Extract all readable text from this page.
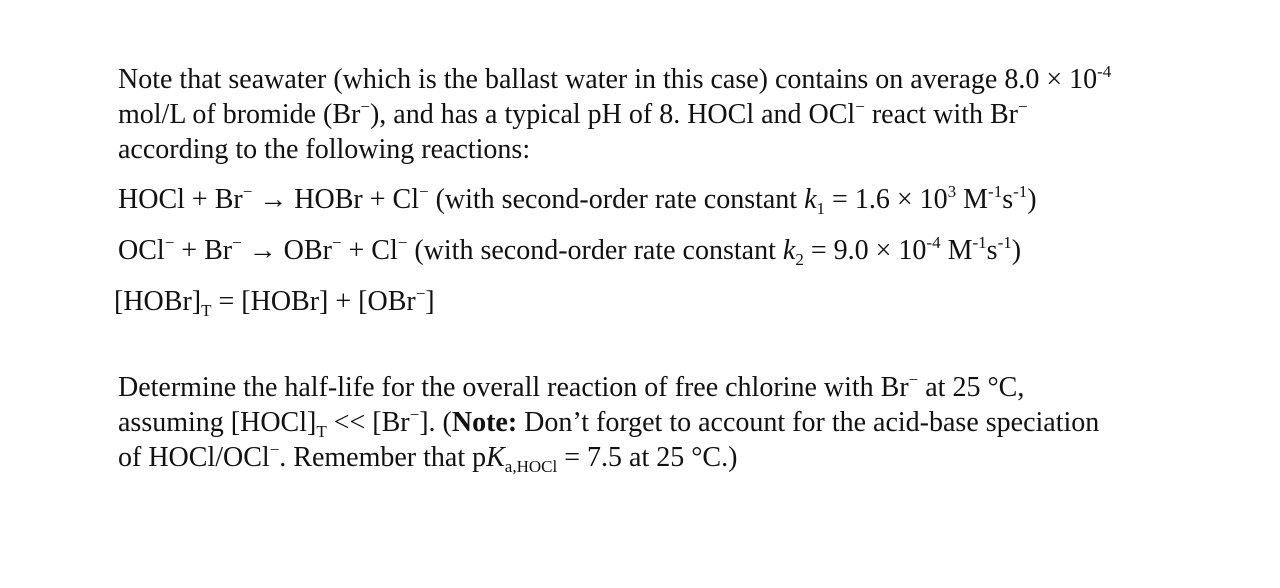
Note that seawater (which is the ballast water in this case) contains on average $8.0 \times 10^{-4}$

mol/L of bromide (Br−), and has a typical pH of 8. HOCl and OCl− react with Br−

according to the following reactions:

HOCl + Br− → HOBr + Cl− (with second-order rate constant $k_1 = 1.6 \times 10^3$ $M^{-1}s^{-1}$)

OCl− + Br− → OBr− + Cl− (with second-order rate constant $k_2 = 9.0 \times 10^{-4}$ $M^{-1}s^{-1}$)

$[HOBr]_T$ = [HOBr] + [OBr−]

Determine the half-life for the overall reaction of free chlorine with Br− at 25 °C,

assuming $[HOCl]_T << [Br^-]$. (Note: Don’t forget to account for the acid-base speciation

of HOCl/OCl−. Remember that $pK_{a,HOCl} = 7.5$ at 25 °C.)
